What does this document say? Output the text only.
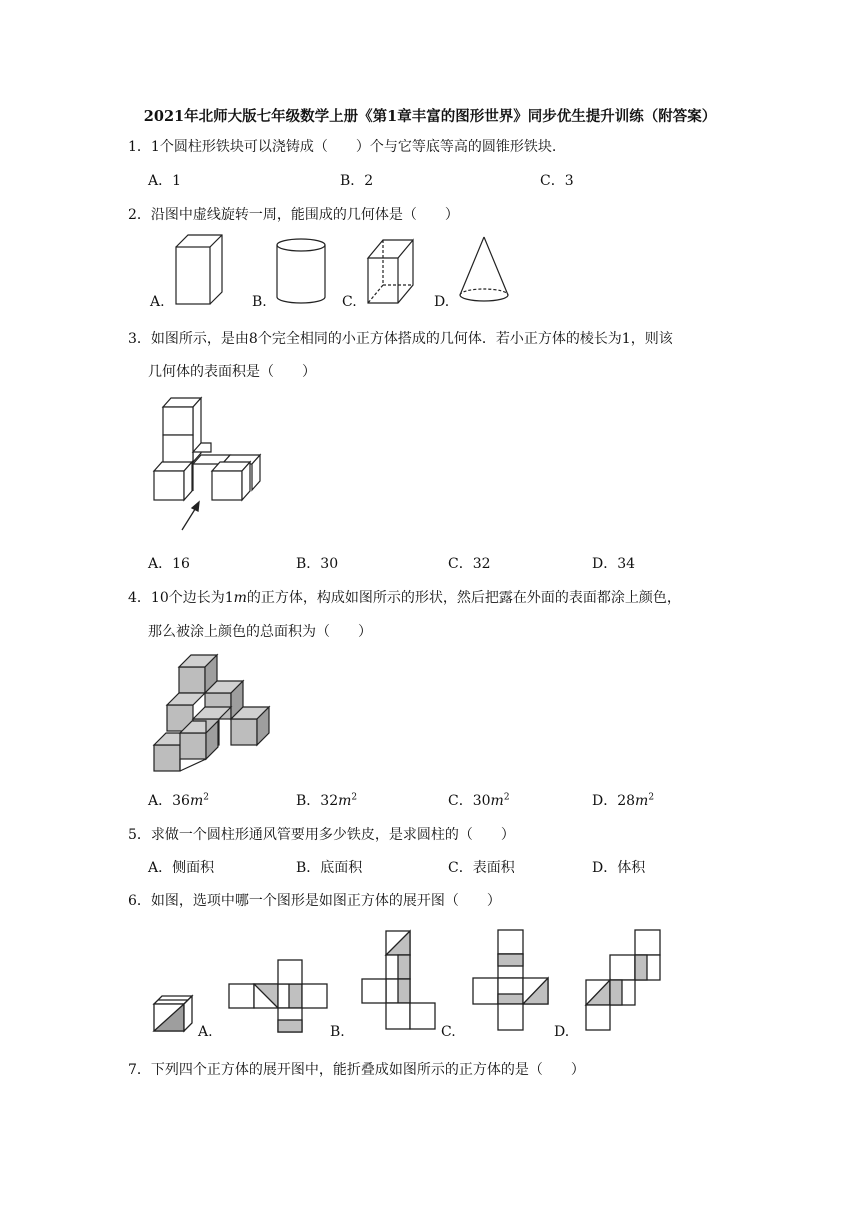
2021年北师大版七年级数学上册《第1章丰富的图形世界》同步优生提升训练（附答案）
1．1个圆柱形铁块可以浇铸成（　　）个与它等底等高的圆锥形铁块.
A．1	B．2	C．3
2．沿图中虚线旋转一周，能围成的几何体是（　　）
A.	B.	C.	D.
3．如图所示，是由8个完全相同的小正方体搭成的几何体．若小正方体的棱长为1，则该
几何体的表面积是（　　）
A．16	B．30	C．32	D．34
4．10个边长为1m的正方体，构成如图所示的形状，然后把露在外面的表面都涂上颜色，
那么被涂上颜色的总面积为（　　）
A．$36m^2$	B．$32m^2$	C．$30m^2$	D．$28m^2$
5．求做一个圆柱形通风管要用多少铁皮，是求圆柱的（　　）
A．侧面积	B．底面积	C．表面积	D．体积
6．如图，选项中哪一个图形是如图正方体的展开图（　　）
A.	B.	C.	D.
7．下列四个正方体的展开图中，能折叠成如图所示的正方体的是（　　）
